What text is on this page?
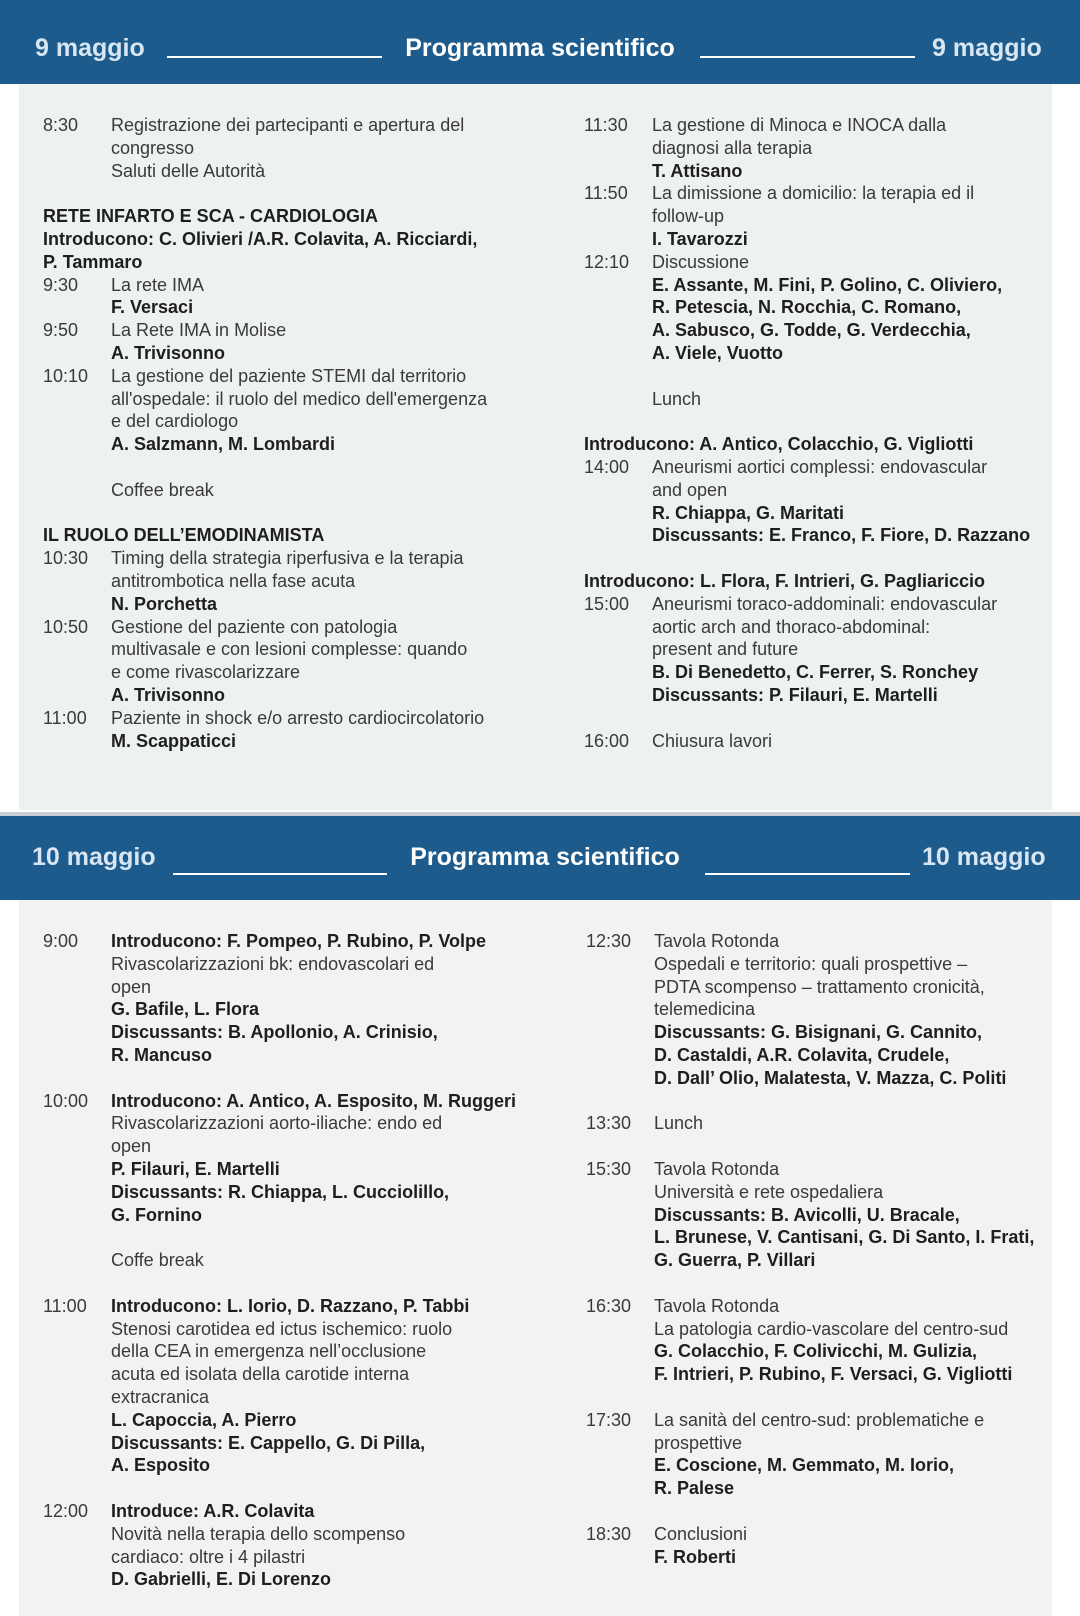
9 maggio	Programma scientifico	9 maggio
8:30	Registrazione dei partecipanti e apertura del
congresso
Saluti delle Autorità
RETE INFARTO E SCA - CARDIOLOGIA
Introducono: C. Olivieri /A.R. Colavita, A. Ricciardi,
P. Tammaro
9:30	La rete IMA
F. Versaci
9:50	La Rete IMA in Molise
A. Trivisonno
10:10	La gestione del paziente STEMI dal territorio
all'ospedale: il ruolo del medico dell'emergenza
e del cardiologo
A. Salzmann, M. Lombardi
Coffee break
IL RUOLO DELL’EMODINAMISTA
10:30	Timing della strategia riperfusiva e la terapia
antitrombotica nella fase acuta
N. Porchetta
10:50	Gestione del paziente con patologia
multivasale e con lesioni complesse: quando
e come rivascolarizzare
A. Trivisonno
11:00	Paziente in shock e/o arresto cardiocircolatorio
M. Scappaticci
11:30	La gestione di Minoca e INOCA dalla
diagnosi alla terapia
T. Attisano
11:50	La dimissione a domicilio: la terapia ed il
follow-up
I. Tavarozzi
12:10	Discussione
E. Assante, M. Fini, P. Golino, C. Oliviero,
R. Petescia, N. Rocchia, C. Romano,
A. Sabusco, G. Todde, G. Verdecchia,
A. Viele, Vuotto
Lunch
Introducono: A. Antico, Colacchio, G. Vigliotti
14:00	Aneurismi aortici complessi: endovascular
and open
R. Chiappa, G. Maritati
Discussants: E. Franco, F. Fiore, D. Razzano
Introducono: L. Flora, F. Intrieri, G. Pagliariccio
15:00	Aneurismi toraco-addominali: endovascular
aortic arch and thoraco-abdominal:
present and future
B. Di Benedetto, C. Ferrer, S. Ronchey
Discussants: P. Filauri, E. Martelli
16:00	Chiusura lavori
10 maggio	Programma scientifico	10 maggio
9:00	Introducono: F. Pompeo, P. Rubino, P. Volpe
Rivascolarizzazioni bk: endovascolari ed
open
G. Bafile, L. Flora
Discussants: B. Apollonio, A. Crinisio,
R. Mancuso
10:00	Introducono: A. Antico, A. Esposito, M. Ruggeri
Rivascolarizzazioni aorto-iliache: endo ed
open
P. Filauri, E. Martelli
Discussants: R. Chiappa, L. Cucciolillo,
G. Fornino
Coffe break
11:00	Introducono: L. Iorio, D. Razzano, P. Tabbi
Stenosi carotidea ed ictus ischemico: ruolo
della CEA in emergenza nell’occlusione
acuta ed isolata della carotide interna
extracranica
L. Capoccia, A. Pierro
Discussants: E. Cappello, G. Di Pilla,
A. Esposito
12:00	Introduce: A.R. Colavita
Novità nella terapia dello scompenso
cardiaco: oltre i 4 pilastri
D. Gabrielli, E. Di Lorenzo
12:30	Tavola Rotonda
Ospedali e territorio: quali prospettive –
PDTA scompenso – trattamento cronicità,
telemedicina
Discussants: G. Bisignani, G. Cannito,
D. Castaldi, A.R. Colavita, Crudele,
D. Dall’ Olio, Malatesta, V. Mazza, C. Politi
13:30	Lunch
15:30	Tavola Rotonda
Università e rete ospedaliera
Discussants: B. Avicolli, U. Bracale,
L. Brunese, V. Cantisani, G. Di Santo, I. Frati,
G. Guerra, P. Villari
16:30	Tavola Rotonda
La patologia cardio-vascolare del centro-sud
G. Colacchio, F. Colivicchi, M. Gulizia,
F. Intrieri, P. Rubino, F. Versaci, G. Vigliotti
17:30	La sanità del centro-sud: problematiche e
prospettive
E. Coscione, M. Gemmato, M. Iorio,
R. Palese
18:30	Conclusioni
F. Roberti
